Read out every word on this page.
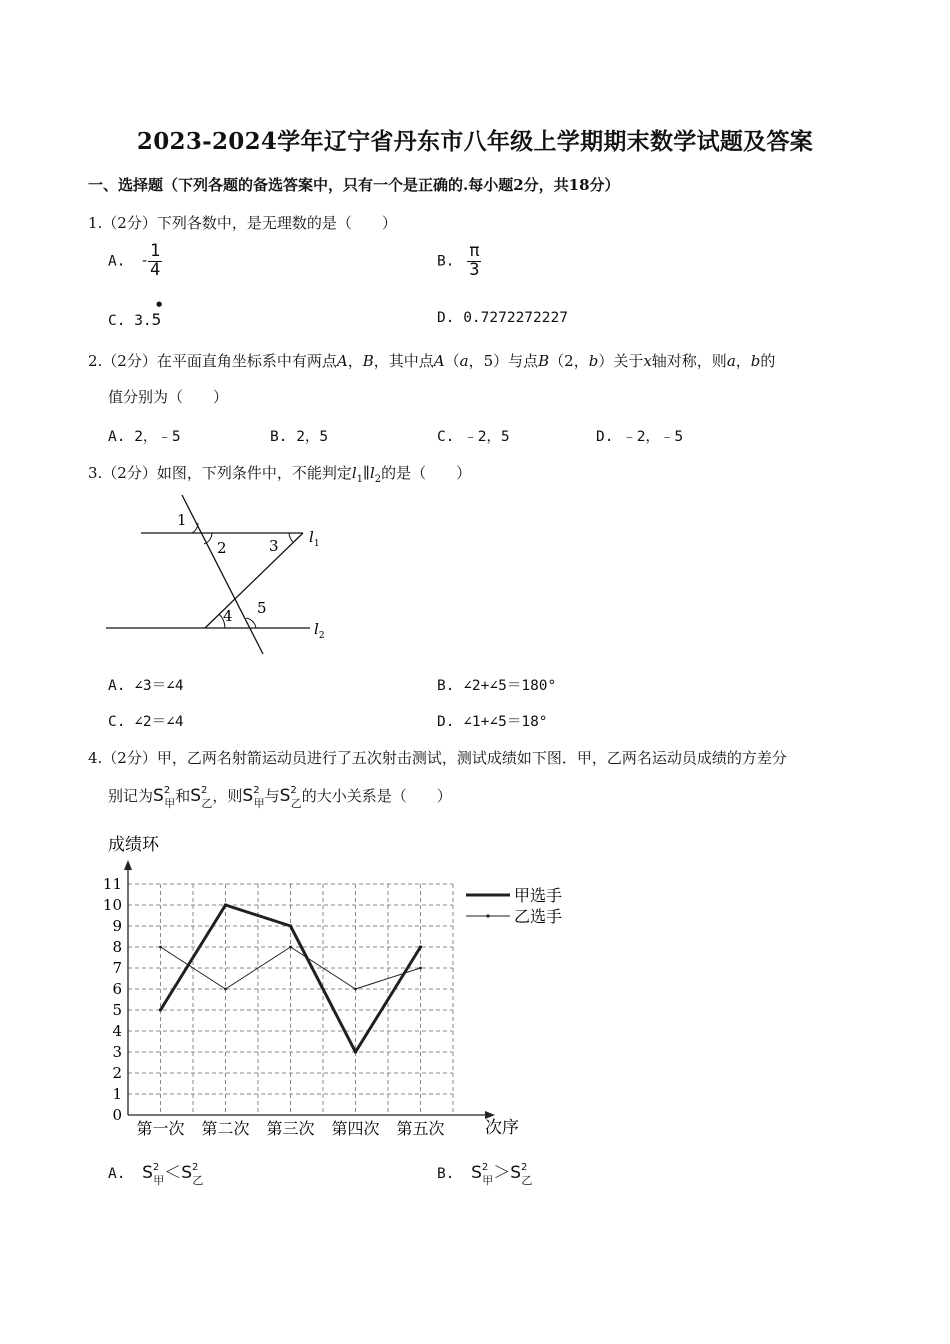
2023-2024学年辽宁省丹东市八年级上学期期末数学试题及答案
一、选择题（下列各题的备选答案中，只有一个是正确的.每小题2分，共18分）
1.（2分）下列各数中，是无理数的是（　　）
A. - $\frac{1}{4}$	B. $\frac{\pi}{3}$
C. 3.
•
5	D. 0.7272272227
2.（2分）在平面直角坐标系中有两点A，B，其中点A（a，5）与点B（2，b）关于x轴对称，则a，b的
值分别为（　　）
A. 2，﹣5	B. 2，5	C. ﹣2，5	D. ﹣2，﹣5
3.（2分）如图，下列条件中，不能判定$l_1\parallel l_2$的是（　　）
1
2	3
4 5
$l_1$
$l_2$
A. ∠3＝∠4	B. ∠2+∠5＝180°
C. ∠2＝∠4	D. ∠1+∠5＝18°
4.（2分）甲，乙两名射箭运动员进行了五次射击测试，测试成绩如下图．甲，乙两名运动员成绩的方差分
别记为$S^2_甲$和$S^2_乙$，则$S^2_甲$与$S^2_乙$的大小关系是（　　）
成绩环
次序
0
1
2
3
4
5
6
7
8
9
10
11
第一次 第二次 第三次 第四次 第五次
甲选手
乙选手
A. $S^2_甲<S^2_乙$	B. $S^2_甲>S^2_乙$
